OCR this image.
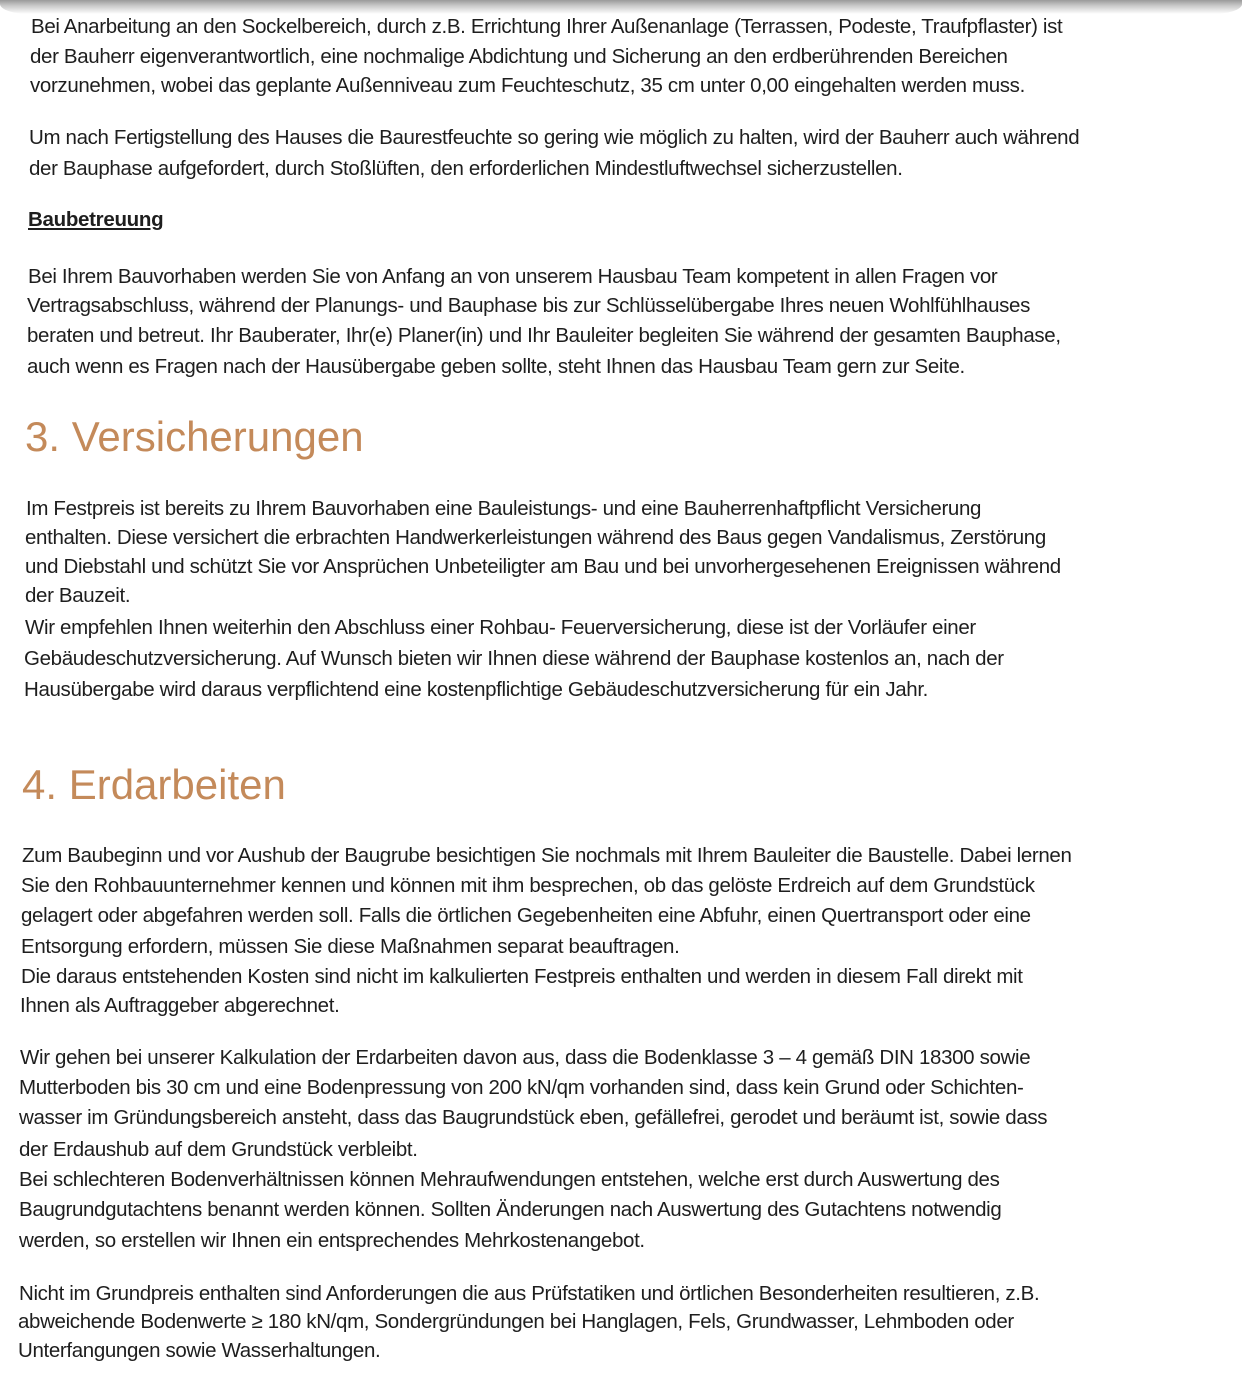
Bei Anarbeitung an den Sockelbereich, durch z.B. Errichtung Ihrer Außenanlage (Terrassen, Podeste, Traufpflaster) ist
der Bauherr eigenverantwortlich, eine nochmalige Abdichtung und Sicherung an den erdberührenden Bereichen
vorzunehmen, wobei das geplante Außenniveau zum Feuchteschutz, 35 cm unter 0,00 eingehalten werden muss.
Um nach Fertigstellung des Hauses die Baurestfeuchte so gering wie möglich zu halten, wird der Bauherr auch während
der Bauphase aufgefordert, durch Stoßlüften, den erforderlichen Mindestluftwechsel sicherzustellen.
Baubetreuung
Bei Ihrem Bauvorhaben werden Sie von Anfang an von unserem Hausbau Team kompetent in allen Fragen vor
Vertragsabschluss, während der Planungs- und Bauphase bis zur Schlüsselübergabe Ihres neuen Wohlfühlhauses
beraten und betreut. Ihr Bauberater, Ihr(e) Planer(in) und Ihr Bauleiter begleiten Sie während der gesamten Bauphase,
auch wenn es Fragen nach der Hausübergabe geben sollte, steht Ihnen das Hausbau Team gern zur Seite.
3. Versicherungen
Im Festpreis ist bereits zu Ihrem Bauvorhaben eine Bauleistungs- und eine Bauherrenhaftpflicht Versicherung
enthalten. Diese versichert die erbrachten Handwerkerleistungen während des Baus gegen Vandalismus, Zerstörung
und Diebstahl und schützt Sie vor Ansprüchen Unbeteiligter am Bau und bei unvorhergesehenen Ereignissen während
der Bauzeit.
Wir empfehlen Ihnen weiterhin den Abschluss einer Rohbau- Feuerversicherung, diese ist der Vorläufer einer
Gebäudeschutzversicherung. Auf Wunsch bieten wir Ihnen diese während der Bauphase kostenlos an, nach der
Hausübergabe wird daraus verpflichtend eine kostenpflichtige Gebäudeschutzversicherung für ein Jahr.
4. Erdarbeiten
Zum Baubeginn und vor Aushub der Baugrube besichtigen Sie nochmals mit Ihrem Bauleiter die Baustelle. Dabei lernen
Sie den Rohbauunternehmer kennen und können mit ihm besprechen, ob das gelöste Erdreich auf dem Grundstück
gelagert oder abgefahren werden soll. Falls die örtlichen Gegebenheiten eine Abfuhr, einen Quertransport oder eine
Entsorgung erfordern, müssen Sie diese Maßnahmen separat beauftragen.
Die daraus entstehenden Kosten sind nicht im kalkulierten Festpreis enthalten und werden in diesem Fall direkt mit
Ihnen als Auftraggeber abgerechnet.
Wir gehen bei unserer Kalkulation der Erdarbeiten davon aus, dass die Bodenklasse 3 – 4 gemäß DIN 18300 sowie
Mutterboden bis 30 cm und eine Bodenpressung von 200 kN/qm vorhanden sind, dass kein Grund oder Schichten-
wasser im Gründungsbereich ansteht, dass das Baugrundstück eben, gefällefrei, gerodet und beräumt ist, sowie dass
der Erdaushub auf dem Grundstück verbleibt.
Bei schlechteren Bodenverhältnissen können Mehraufwendungen entstehen, welche erst durch Auswertung des
Baugrundgutachtens benannt werden können. Sollten Änderungen nach Auswertung des Gutachtens notwendig
werden, so erstellen wir Ihnen ein entsprechendes Mehrkostenangebot.
Nicht im Grundpreis enthalten sind Anforderungen die aus Prüfstatiken und örtlichen Besonderheiten resultieren, z.B.
abweichende Bodenwerte ≥ 180 kN/qm, Sondergründungen bei Hanglagen, Fels, Grundwasser, Lehmboden oder
Unterfangungen sowie Wasserhaltungen.
